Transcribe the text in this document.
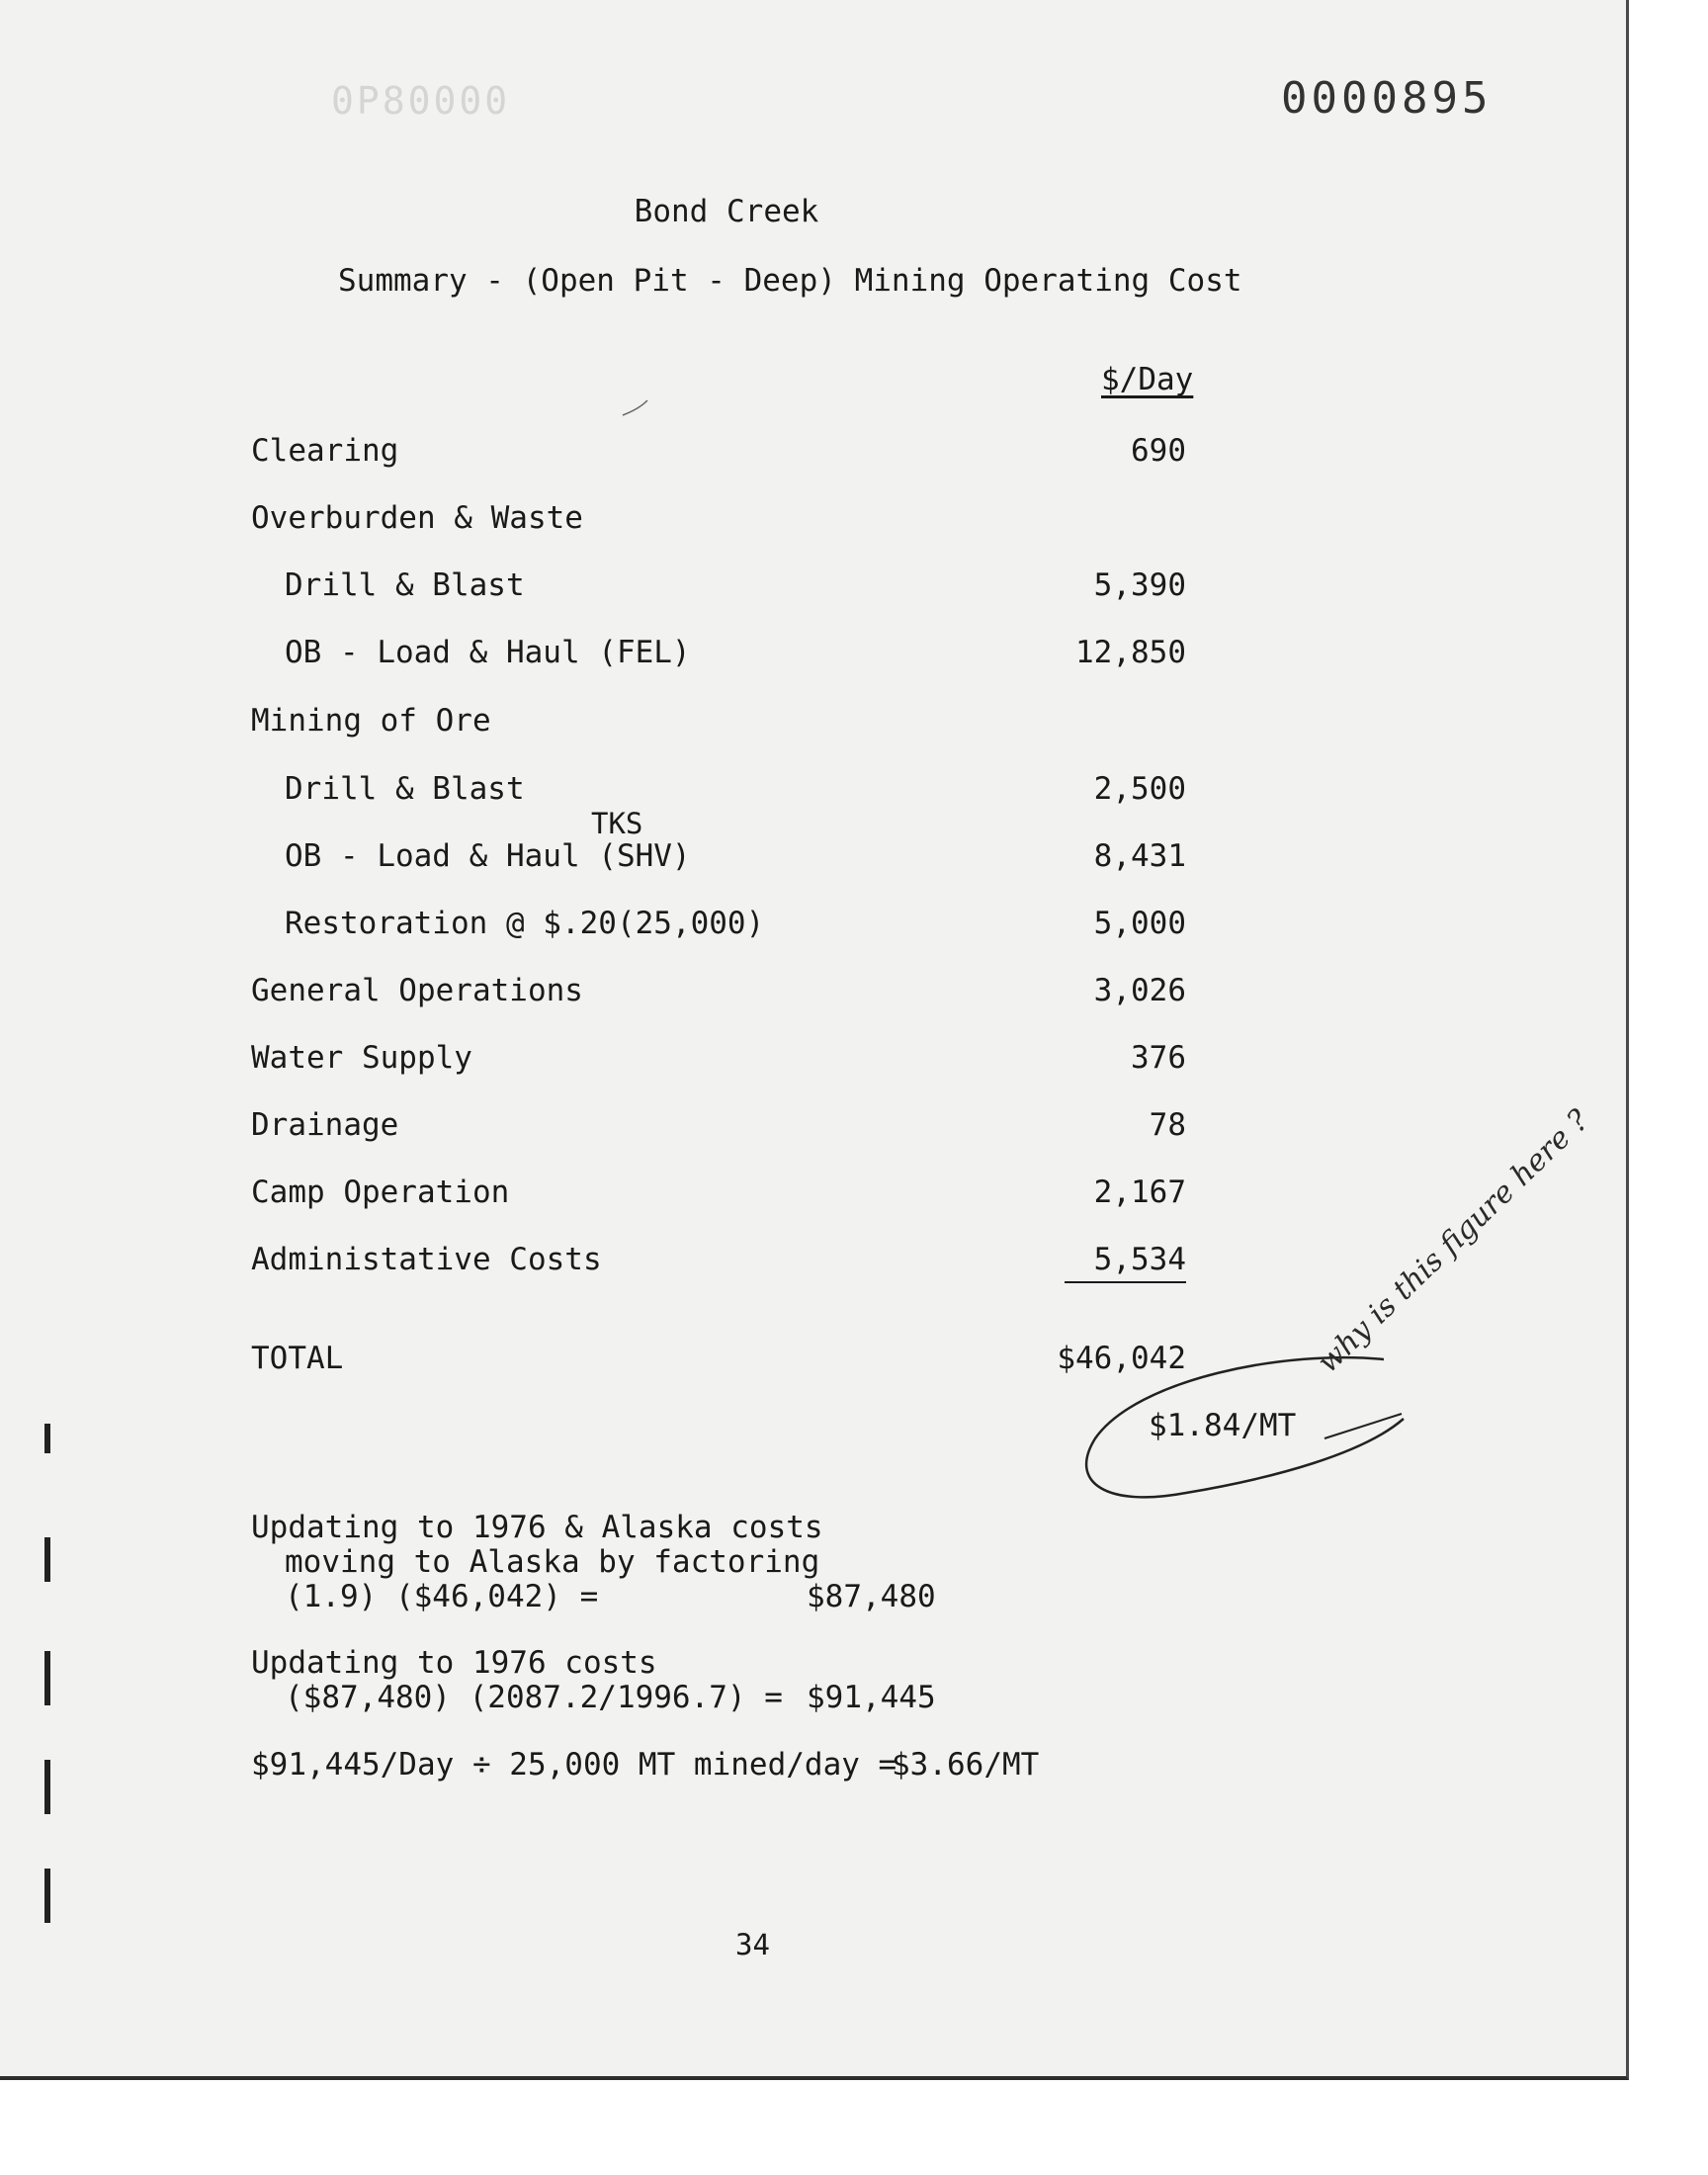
0P80000	0000895
Bond Creek
Summary - (Open Pit - Deep) Mining Operating Cost
$/Day
Clearing	690
Overburden & Waste
Drill & Blast	5,390
OB - Load & Haul (FEL)	12,850
Mining of Ore
Drill & Blast	2,500
OB - Load & Haul (SHV)	8,431
Restoration @ $.20(25,000)	5,000
General Operations	3,026
Water Supply	376
Drainage	78
Camp Operation	2,167
Administative Costs	5,534
TKS
TOTAL	$46,042
$1.84/MT
why is this figure here ?
Updating to 1976 & Alaska costs
moving to Alaska by factoring
(1.9) ($46,042) =	$87,480
Updating to 1976 costs
($87,480) (2087.2/1996.7) = $91,445
$91,445/Day ÷ 25,000 MT mined/day =
$3.66/MT
34
